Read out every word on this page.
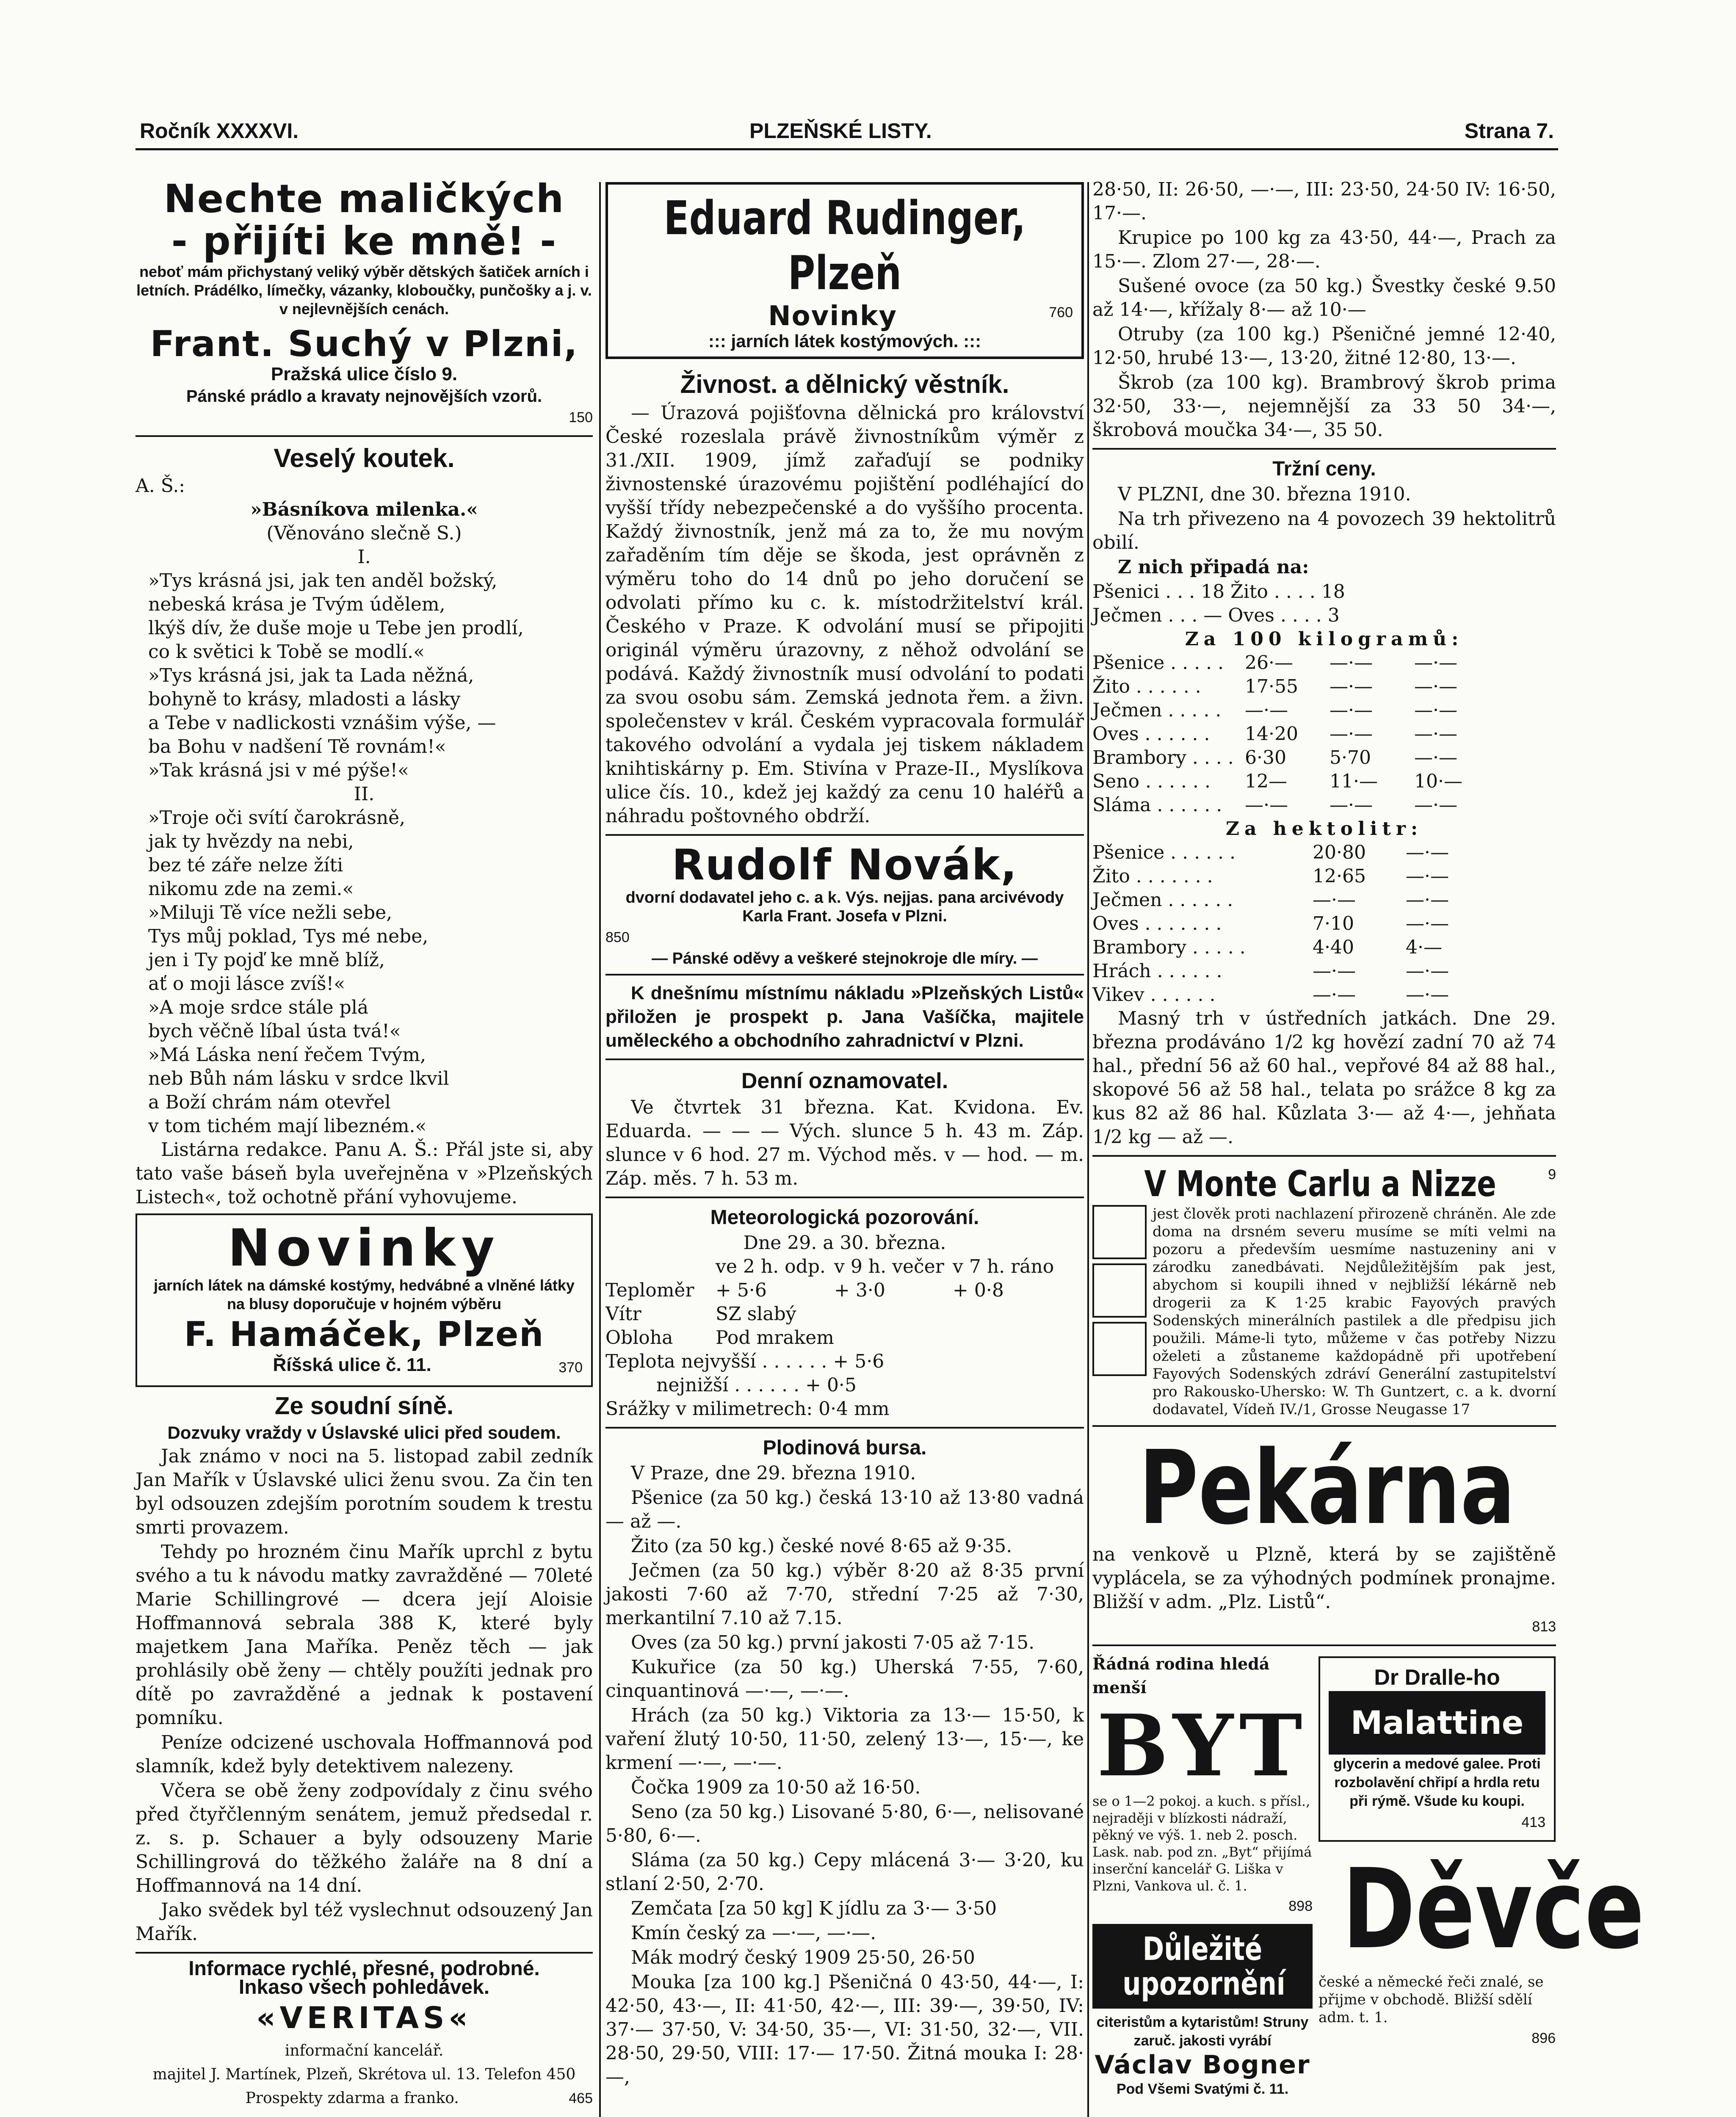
Ročník XXXXVI.	PLZEŇSKÉ LISTY.	Strana 7.
Nechte maličkých
- přijíti ke mně! -
neboť mám přichystaný veliký výběr dětských šatiček arních i letních. Prádélko, límečky, vázanky, kloboučky, punčošky a j. v. v nejlevnějších cenách.
Frant. Suchý v Plzni,
Pražská ulice číslo 9.
Pánské prádlo a kravaty nejnovějších vzorů.
150
Veselý koutek.
A. Š.:
»Básníkova milenka.«
(Věnováno slečně S.)
I.
»Tys krásná jsi, jak ten anděl božský,
nebeská krása je Tvým údělem,
lkýš dív, že duše moje u Tebe jen prodlí,
co k světici k Tobě se modlí.«
»Tys krásná jsi, jak ta Lada něžná,
bohyně to krásy, mladosti a lásky
a Tebe v nadlickosti vznášim výše, —
ba Bohu v nadšení Tě rovnám!«
»Tak krásná jsi v mé pýše!«
II.
»Troje oči svítí čarokrásně,
jak ty hvězdy na nebi,
bez té záře nelze žíti
nikomu zde na zemi.«
»Miluji Tě více nežli sebe,
Tys můj poklad, Tys mé nebe,
jen i Ty pojď ke mně blíž,
ať o moji lásce zvíš!«
»A moje srdce stále plá
bych věčně líbal ústa tvá!«
»Má Láska není řečem Tvým,
neb Bůh nám lásku v srdce lkvil
a Boží chrám nám otevřel
v tom tichém mají libezném.«
Listárna redakce. Panu A. Š.: Přál jste si, aby tato vaše báseň byla uveřejněna v »Plzeňských Listech«, tož ochotně přání vyhovujeme.
Novinky
jarních látek na dámské kostýmy, hedvábné a vlněné látky na blusy doporučuje v hojném výběru
F. Hamáček, Plzeň
Říšská ulice č. 11.	370
Ze soudní síně.
Dozvuky vraždy v Úslavské ulici před soudem.
Jak známo v noci na 5. listopad zabil zedník Jan Mařík v Úslavské ulici ženu svou. Za čin ten byl odsouzen zdejším porotním soudem k trestu smrti provazem.
Tehdy po hrozném činu Mařík uprchl z bytu svého a tu k návodu matky zavražděné — 70leté Marie Schillingrové — dcera její Aloisie Hoffmannová sebrala 388 K, které byly majetkem Jana Maříka. Peněz těch — jak prohlásily obě ženy — chtěly použíti jednak pro dítě po zavražděné a jednak k postavení pomníku.
Peníze odcizené uschovala Hoffmannová pod slamník, kdež byly detektivem nalezeny.
Včera se obě ženy zodpovídaly z činu svého před čtyřčlenným senátem, jemuž předsedal r. z. s. p. Schauer a byly odsouzeny Marie Schillingrová do těžkého žaláře na 8 dní a Hoffmannová na 14 dní.
Jako svědek byl též vyslechnut odsouzený Jan Mařík.
Informace rychlé, přesné, podrobné.
Inkaso všech pohledávek.
«VERITAS«
informační kancelář.
majitel J. Martínek, Plzeň, Skrétova ul. 13. Telefon 450
Prospekty zdarma a franko.	465
Eduard Rudinger, Plzeň
Novinky	760
::: jarních látek kostýmových. :::
Živnost. a dělnický věstník.
— Úrazová pojišťovna dělnická pro království České rozeslala právě živnostníkům výměr z 31./XII. 1909, jímž zařaďují se podniky živnostenské úrazovému pojištění podléhající do vyšší třídy nebezpečenské a do vyššího procenta. Každý živnostník, jenž má za to, že mu novým zařaděním tím děje se škoda, jest oprávněn z výměru toho do 14 dnů po jeho doručení se odvolati přímo ku c. k. místodržitelství král. Českého v Praze. K odvolání musí se připojiti originál výměru úrazovny, z něhož odvolání se podává. Každý živnostník musí odvolání to podati za svou osobu sám. Zemská jednota řem. a živn. společenstev v král. Českém vypracovala formulář takového odvolání a vydala jej tiskem nákladem knihtiskárny p. Em. Stivína v Praze-II., Myslíkova ulice čís. 10., kdež jej každý za cenu 10 haléřů a náhradu poštovného obdrží.
Rudolf Novák,
dvorní dodavatel jeho c. a k. Výs. nejjas. pana arcivévody Karla Frant. Josefa v Plzni.
850
— Pánské oděvy a veškeré stejnokroje dle míry. —
K dnešnímu místnímu nákladu »Plzeňských Listů« přiložen je prospekt p. Jana Vašíčka, majitele uměleckého a obchodního zahradnictví v Plzni.
Denní oznamovatel.
Ve čtvrtek 31 března. Kat. Kvidona. Ev. Eduarda. — — — Vých. slunce 5 h. 43 m. Záp. slunce v 6 hod. 27 m. Východ měs. v — hod. — m. Záp. měs. 7 h. 53 m.
Meteorologická pozorování.
Dne 29. a 30. března.
ve 2 h. odp. v 9 h. večer v 7 h. ráno
Teploměr	+ 5·6	+ 3·0	+ 0·8
Vítr	SZ slabý
Obloha	Pod mrakem
Teplota nejvyšší . . . . . . + 5·6
nejnižší . . . . . . + 0·5
Srážky v milimetrech: 0·4 mm
Plodinová bursa.
V Praze, dne 29. března 1910.
Pšenice (za 50 kg.) česká 13·10 až 13·80 vadná — až —.
Žito (za 50 kg.) české nové 8·65 až 9·35.
Ječmen (za 50 kg.) výběr 8·20 až 8·35 první jakosti 7·60 až 7·70, střední 7·25 až 7·30, merkantilní 7.10 až 7.15.
Oves (za 50 kg.) první jakosti 7·05 až 7·15.
Kukuřice (za 50 kg.) Uherská 7·55, 7·60, cinquantinová —·—, —·—.
Hrách (za 50 kg.) Viktoria za 13·— 15·50, k vaření žlutý 10·50, 11·50, zelený 13·—, 15·—, ke krmení —·—, —·—.
Čočka 1909 za 10·50 až 16·50.
Seno (za 50 kg.) Lisované 5·80, 6·—, nelisované 5·80, 6·—.
Sláma (za 50 kg.) Cepy mlácená 3·— 3·20, ku stlaní 2·50, 2·70.
Zemčata [za 50 kg] K jídlu za 3·— 3·50
Kmín český za —·—, —·—.
Mák modrý český 1909 25·50, 26·50
Mouka [za 100 kg.] Pšeničná 0 43·50, 44·—, I: 42·50, 43·—, II: 41·50, 42·—, III: 39·—, 39·50, IV: 37·— 37·50, V: 34·50, 35·—, VI: 31·50, 32·—, VII. 28·50, 29·50, VIII: 17·— 17·50. Žitná mouka I: 28·—,
28·50, II: 26·50, —·—, III: 23·50, 24·50 IV: 16·50, 17·—.
Krupice po 100 kg za 43·50, 44·—, Prach za 15·—. Zlom 27·—, 28·—.
Sušené ovoce (za 50 kg.) Švestky české 9.50 až 14·—, křížaly 8·— až 10·—
Otruby (za 100 kg.) Pšeničné jemné 12·40, 12·50, hrubé 13·—, 13·20, žitné 12·80, 13·—.
Škrob (za 100 kg). Brambrový škrob prima 32·50, 33·—, nejemnější za 33 50 34·—, škrobová moučka 34·—, 35 50.
Tržní ceny.
V PLZNI, dne 30. března 1910.
Na trh přivezeno na 4 povozech 39 hektolitrů obilí.
Z nich připadá na:
Pšenici . . . 18 Žito . . . . 18
Ječmen . . . — Oves . . . . 3
Za 100 kilogramů:
Pšenice . . . . .	26·—	—·—	—·—
Žito . . . . . .	17·55	—·—	—·—
Ječmen . . . . .	—·—	—·—	—·—
Oves . . . . . .	14·20	—·—	—·—
Brambory . . . . 6·30	5·70	—·—
Seno . . . . . .	12—	11·—	10·—
Sláma . . . . . .	—·—	—·—	—·—
Za hektolitr:
Pšenice . . . . . .	20·80	—·—
Žito . . . . . . .	12·65	—·—
Ječmen . . . . . .	—·—	—·—
Oves . . . . . . .	7·10	—·—
Brambory . . . . .	4·40	4·—
Hrách . . . . . .	—·—	—·—
Vikev . . . . . .	—·—	—·—
Masný trh v ústředních jatkách. Dne 29. března prodáváno 1/2 kg hovězí zadní 70 až 74 hal., přední 56 až 60 hal., vepřové 84 až 88 hal., skopové 56 až 58 hal., telata po srážce 8 kg za kus 82 až 86 hal. Kůzlata 3·— až 4·—, jehňata 1/2 kg — až —.
V Monte Carlu a Nizze	9
jest člověk proti nachlazení přirozeně chráněn. Ale zde doma na drsném severu musíme se míti velmi na pozoru a především uesmíme nastuzeniny ani v zárodku zanedbávati. Nejdůležitějším pak jest, abychom si koupili ihned v nejbližší lékárně neb drogerii za K 1·25 krabic Fayových pravých Sodenských minerálních pastilek a dle předpisu jich použili. Máme-li tyto, můžeme v čas potřeby Nizzu oželeti a zůstaneme každopádně při upotřebení Fayových Sodenských zdráví Generální zastupitelství pro Rakousko-Uhersko: W. Th Guntzert, c. a k. dvorní dodavatel, Vídeň IV./1, Grosse Neugasse 17
Pekárna
na venkově u Plzně, která by se zajištěně vyplácela, se za výhodných podmínek pronajme. Bližší v adm. „Plz. Listů“.
813
Řádná rodina hledá menší
BYT
se o 1—2 pokoj. a kuch. s přísl., nejraději v blízkosti nádraží, pěkný ve výš. 1. neb 2. posch. Lask. nab. pod zn. „Byt“ přijímá inserční kancelář G. Liška v Plzni, Vankova ul. č. 1.
898
Důležité upozornění
citeristům a kytaristům! Struny zaruč. jakosti vyrábí
Václav Bogner
Pod Všemi Svatými č. 11.
Dr Dralle-ho
Malattine
glycerin a medové galee. Proti rozbolavění chřipí a hrdla retu při rýmě. Všude ku koupi.
413
Děvče
české a německé řeči znalé, se přijme v obchodě. Bližší sdělí adm. t. 1.
896
